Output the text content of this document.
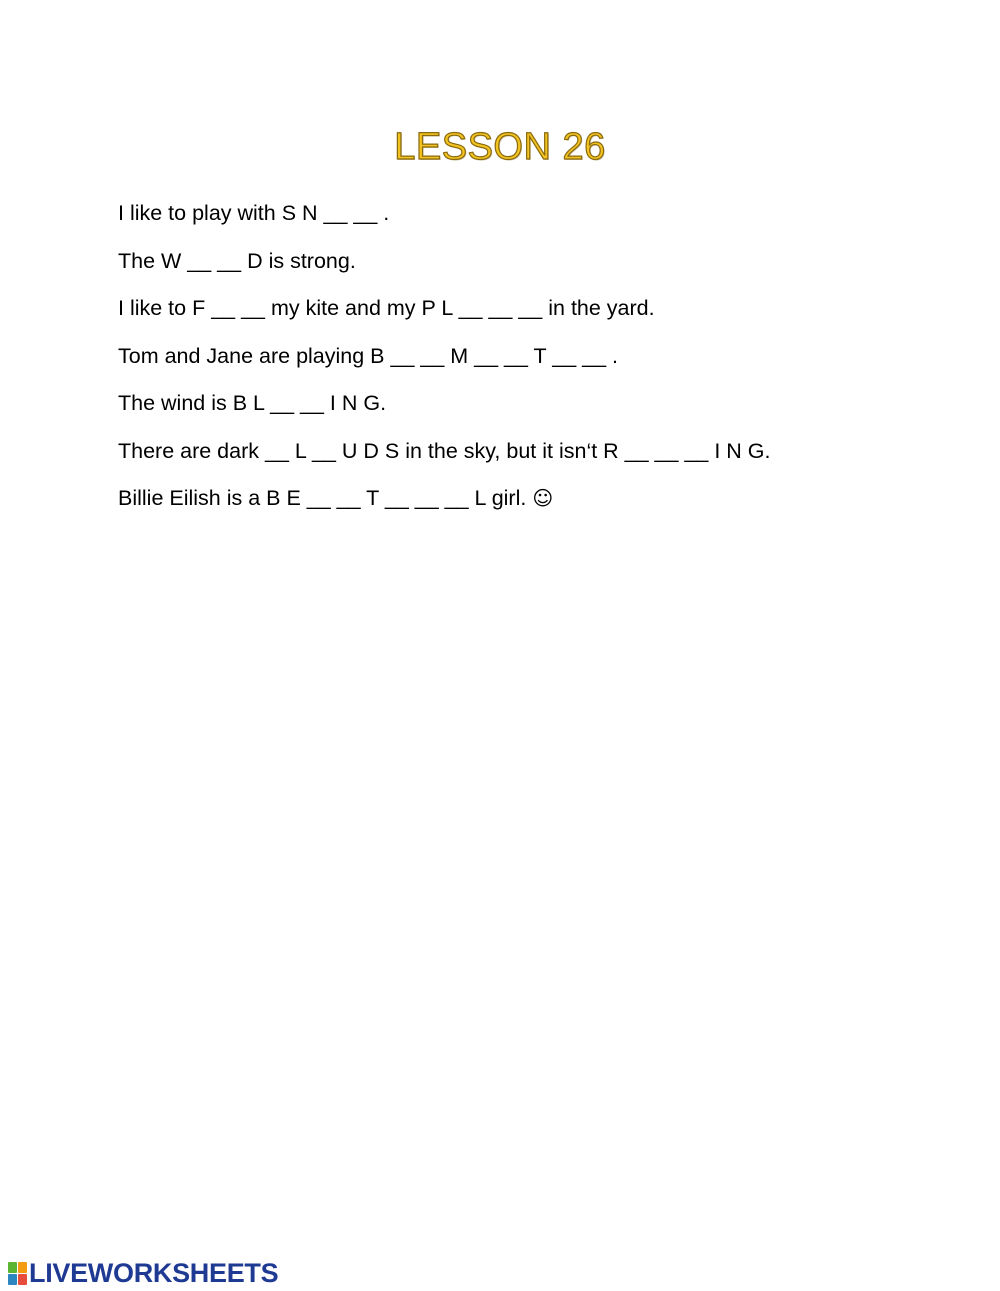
LESSON 26
I like to play with S N __ __ .
The W __ __ D is strong.
I like to F __ __ my kite and my P L __ __ __ in the yard.
Tom and Jane are playing B __ __ M __ __ T __ __ .
The wind is B L __ __ I N G.
There are dark __ L __ U D S in the sky, but it isn‘t R __ __ __ I N G.
Billie Eilish is a B E __ __ T __ __ __ L girl. ☺
LIVEWORKSHEETS
